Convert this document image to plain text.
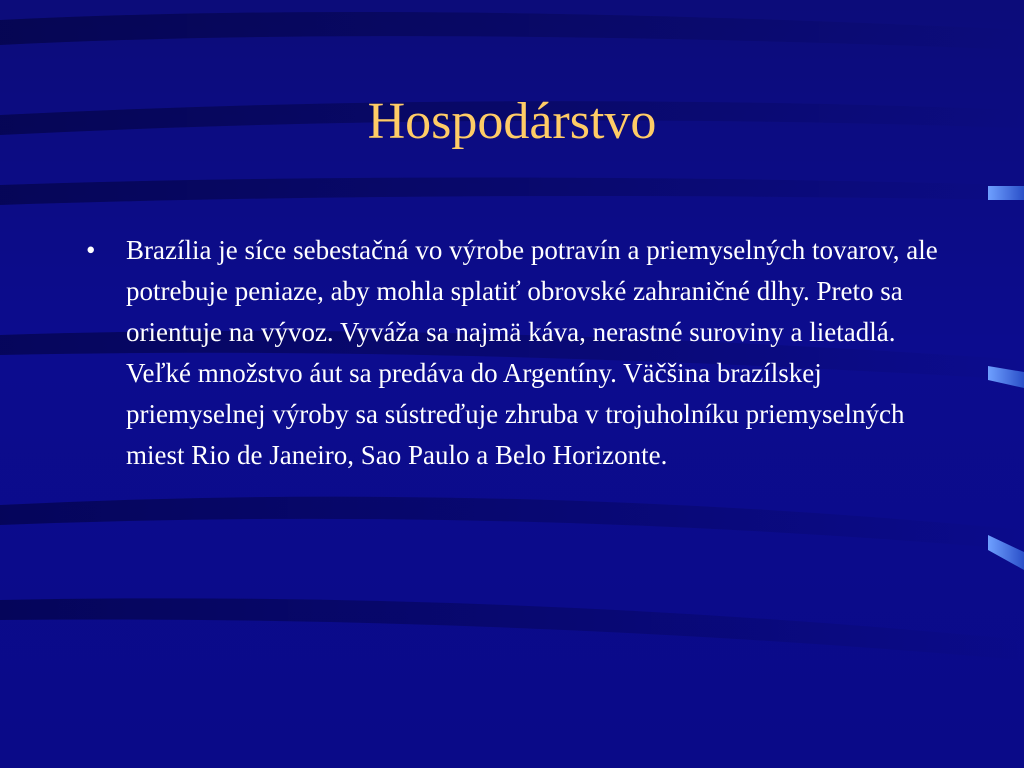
Hospodárstvo
• Brazília je síce sebestačná vo výrobe potravín a priemyselných tovarov, ale potrebuje peniaze, aby mohla splatiť obrovské zahraničné dlhy. Preto sa orientuje na vývoz. Vyváža sa najmä káva, nerastné suroviny a lietadlá. Veľké množstvo áut sa predáva do Argentíny. Väčšina brazílskej priemyselnej výroby sa sústreďuje zhruba v trojuholníku priemyselných miest Rio de Janeiro, Sao Paulo a Belo Horizonte.
